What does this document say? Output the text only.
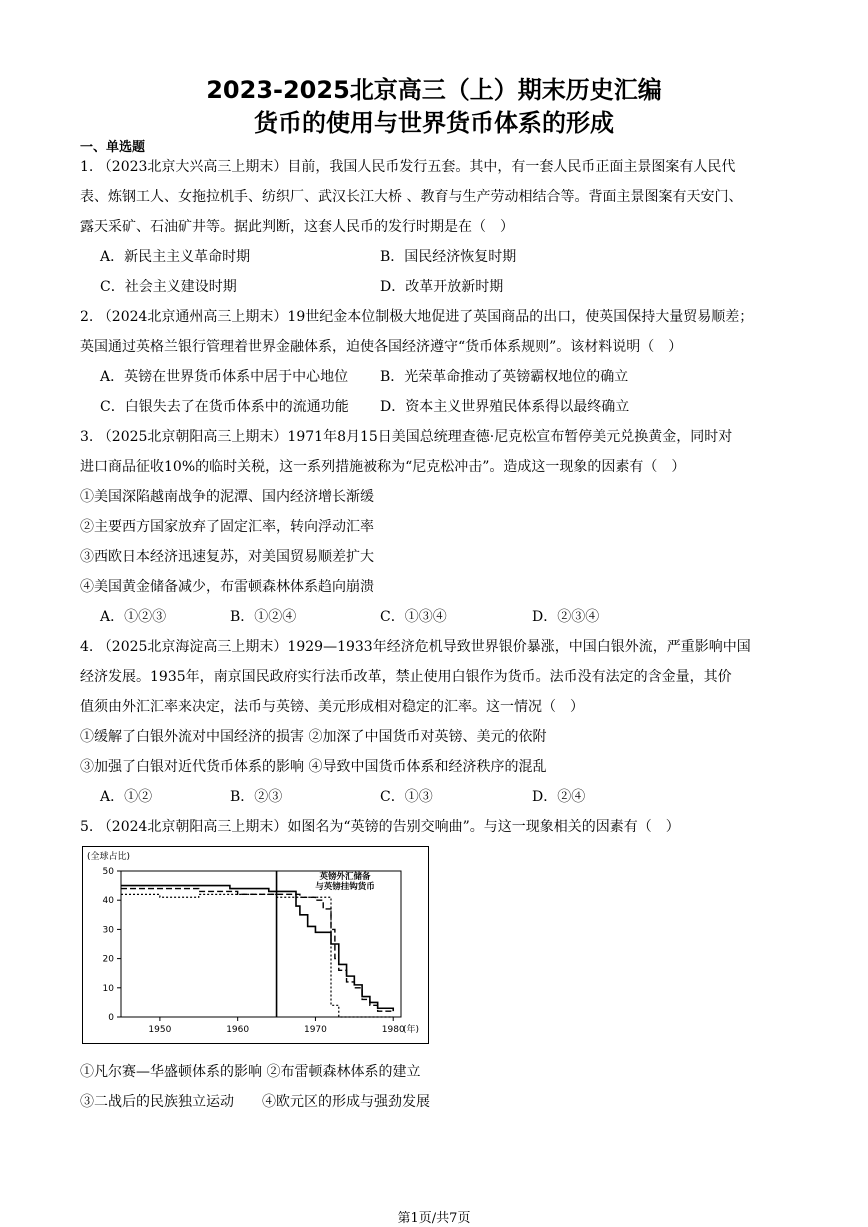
2023-2025北京高三（上）期末历史汇编
货币的使用与世界货币体系的形成
一、单选题
1. （2023北京大兴高三上期末）目前，我国人民币发行五套。其中，有一套人民币正面主景图案有人民代
表、炼钢工人、女拖拉机手、纺织厂、武汉长江大桥 、教育与生产劳动相结合等。背面主景图案有天安门、
露天采矿、石油矿井等。据此判断，这套人民币的发行时期是在（　）
A．新民主主义革命时期	B．国民经济恢复时期
C．社会主义建设时期	D．改革开放新时期
2. （2024北京通州高三上期末）19世纪金本位制极大地促进了英国商品的出口，使英国保持大量贸易顺差；
英国通过英格兰银行管理着世界金融体系，迫使各国经济遵守“货币体系规则”。该材料说明（　）
A．英镑在世界货币体系中居于中心地位 B．光荣革命推动了英镑霸权地位的确立
C．白银失去了在货币体系中的流通功能 D．资本主义世界殖民体系得以最终确立
3. （2025北京朝阳高三上期末）1971年8月15日美国总统理查德·尼克松宣布暂停美元兑换黄金，同时对
进口商品征收10%的临时关税，这一系列措施被称为“尼克松冲击”。造成这一现象的因素有（　）
①美国深陷越南战争的泥潭、国内经济增长渐缓
②主要西方国家放弃了固定汇率，转向浮动汇率
③西欧日本经济迅速复苏，对美国贸易顺差扩大
④美国黄金储备减少，布雷顿森林体系趋向崩溃
A．①②③	B．①②④	C．①③④	D．②③④
4. （2025北京海淀高三上期末）1929—1933年经济危机导致世界银价暴涨，中国白银外流，严重影响中国
经济发展。1935年，南京国民政府实行法币改革，禁止使用白银作为货币。法币没有法定的含金量，其价
值须由外汇汇率来决定，法币与英镑、美元形成相对稳定的汇率。这一情况（　）
①缓解了白银外流对中国经济的损害 ②加深了中国货币对英镑、美元的依附
③加强了白银对近代货币体系的影响 ④导致中国货币体系和经济秩序的混乱
A．①②	B．②③	C．①③	D．②④
5. （2024北京朝阳高三上期末）如图名为“英镑的告别交响曲”。与这一现象相关的因素有（　）
(全球占比)
0
10
20
30
40
50
1950	1960	1970	1980
(年)
英镑外汇储备与英镑挂钩货币
①凡尔赛—华盛顿体系的影响 ②布雷顿森林体系的建立
③二战后的民族独立运动　　④欧元区的形成与强劲发展
第1页/共7页
